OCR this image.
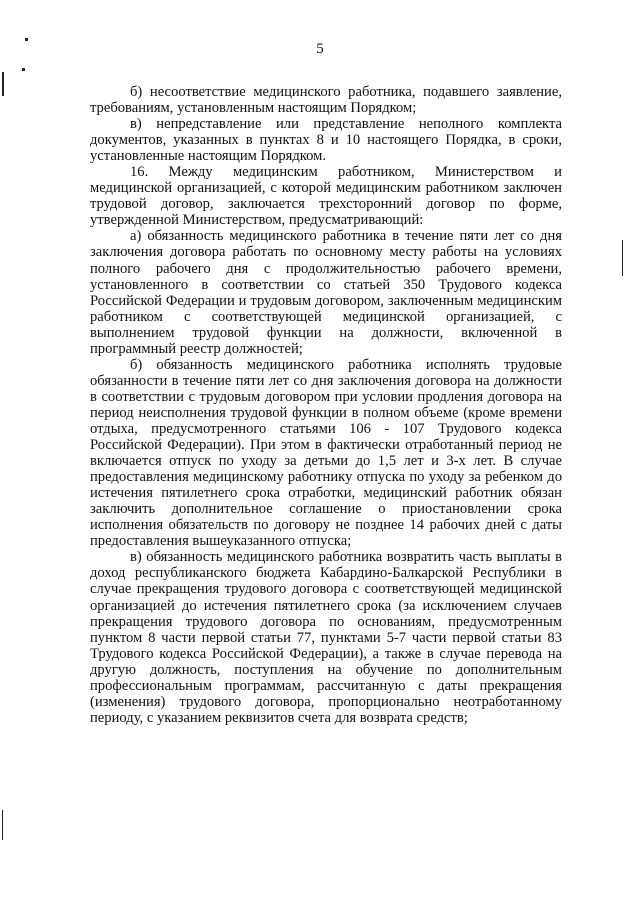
5

б) несоответствие медицинского работника, подавшего заявление, требованиям, установленным настоящим Порядком;

в) непредставление или представление неполного комплекта документов, указанных в пунктах 8 и 10 настоящего Порядка, в сроки, установленные настоящим Порядком.

16. Между медицинским работником, Министерством и медицинской организацией, с которой медицинским работником заключен трудовой договор, заключается трехсторонний договор по форме, утвержденной Министерством, предусматривающий:

а) обязанность медицинского работника в течение пяти лет со дня заключения договора работать по основному месту работы на условиях полного рабочего дня с продолжительностью рабочего времени, установленного в соответствии со статьей 350 Трудового кодекса Российской Федерации и трудовым договором, заключенным медицинским работником с соответствующей медицинской организацией, с выполнением трудовой функции на должности, включенной в программный реестр должностей;

б) обязанность медицинского работника исполнять трудовые обязанности в течение пяти лет со дня заключения договора на должности в соответствии с трудовым договором при условии продления договора на период неисполнения трудовой функции в полном объеме (кроме времени отдыха, предусмотренного статьями 106 - 107 Трудового кодекса Российской Федерации). При этом в фактически отработанный период не включается отпуск по уходу за детьми до 1,5 лет и 3-х лет. В случае предоставления медицинскому работнику отпуска по уходу за ребенком до истечения пятилетнего срока отработки, медицинский работник обязан заключить дополнительное соглашение о приостановлении срока исполнения обязательств по договору не позднее 14 рабочих дней с даты предоставления вышеуказанного отпуска;

в) обязанность медицинского работника возвратить часть выплаты в доход республиканского бюджета Кабардино-Балкарской Республики в случае прекращения трудового договора с соответствующей медицинской организацией до истечения пятилетнего срока (за исключением случаев прекращения трудового договора по основаниям, предусмотренным пунктом 8 части первой статьи 77, пунктами 5-7 части первой статьи 83 Трудового кодекса Российской Федерации), а также в случае перевода на другую должность, поступления на обучение по дополнительным профессиональным программам, рассчитанную с даты прекращения (изменения) трудового договора, пропорционально неотработанному периоду, с указанием реквизитов счета для возврата средств;
